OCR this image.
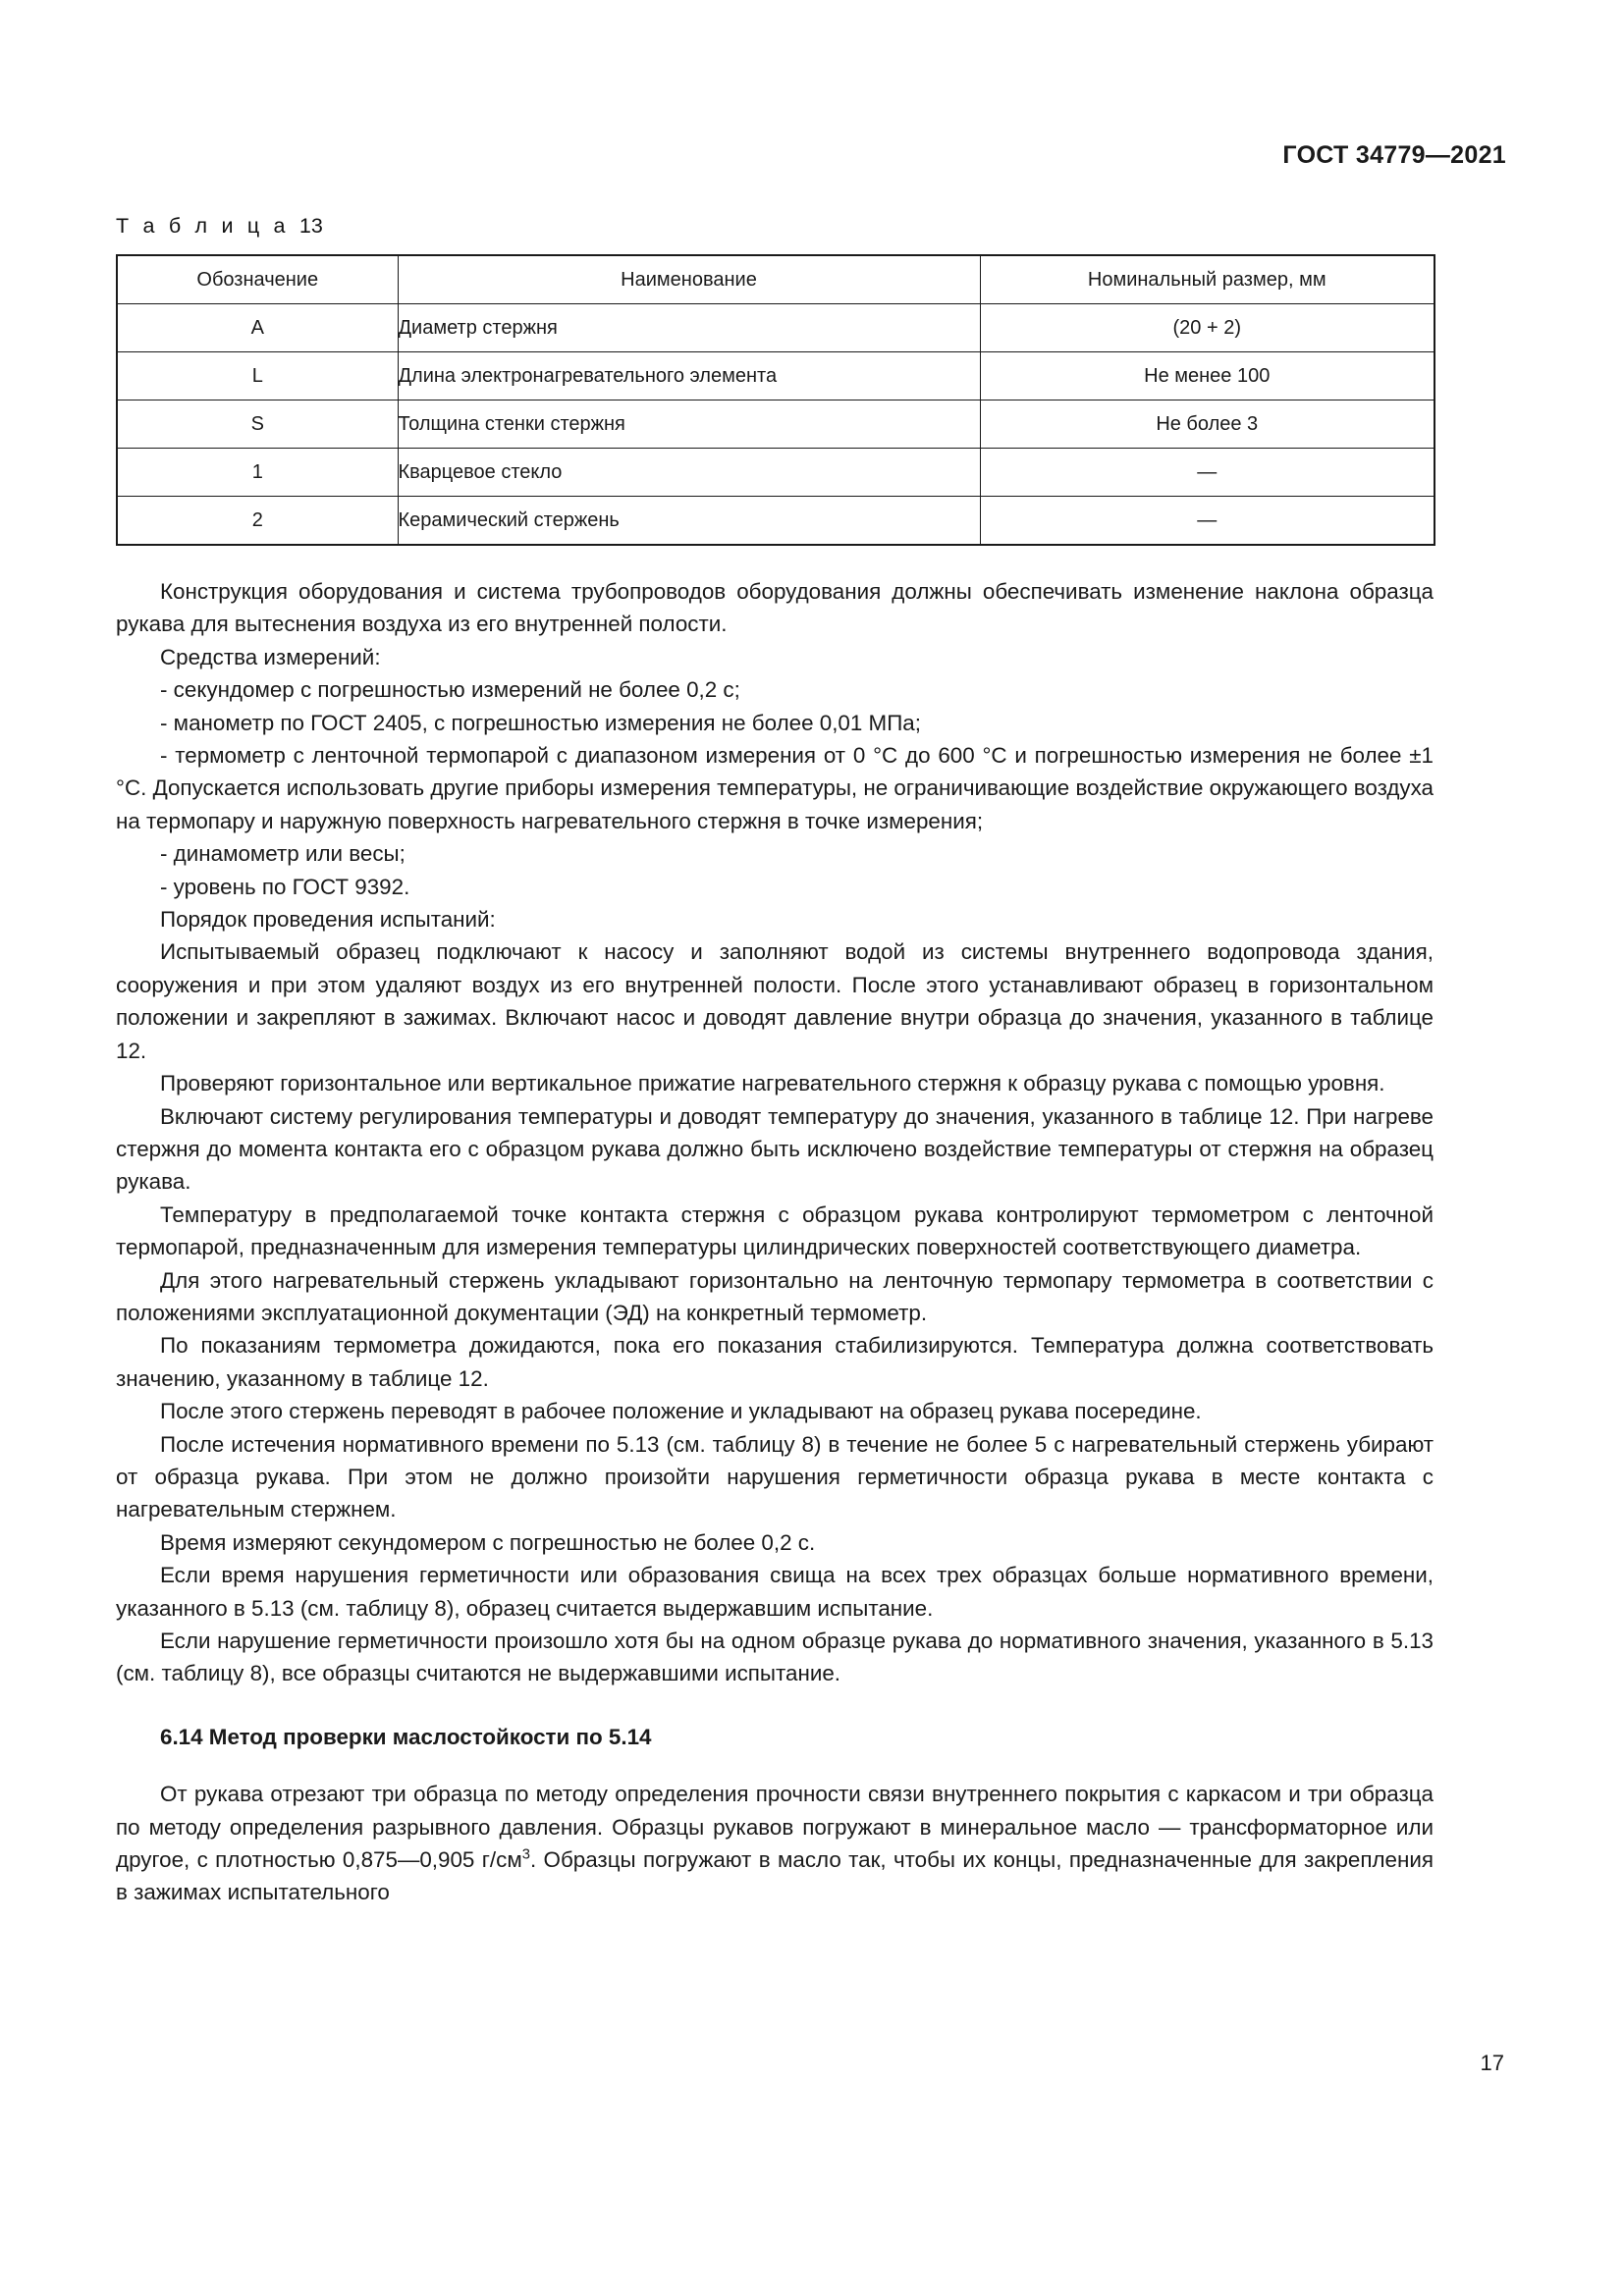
ГОСТ 34779—2021
Т а б л и ц а 13
Обозначение	Наименование	Номинальный размер, мм
A	Диаметр стержня	(20 + 2)
L	Длина электронагревательного элемента	Не менее 100
S	Толщина стенки стержня	Не более 3
1	Кварцевое стекло	—
2	Керамический стержень	—

Конструкция оборудования и система трубопроводов оборудования должны обеспечивать изменение наклона образца рукава для вытеснения воздуха из его внутренней полости.

Средства измерений:

- секундомер с погрешностью измерений не более 0,2 с;

- манометр по ГОСТ 2405, с погрешностью измерения не более 0,01 МПа;

- термометр с ленточной термопарой с диапазоном измерения от 0 °С до 600 °С и погрешностью измерения не более ±1 °С. Допускается использовать другие приборы измерения температуры, не ограничивающие воздействие окружающего воздуха на термопару и наружную поверхность нагревательного стержня в точке измерения;

- динамометр или весы;

- уровень по ГОСТ 9392.

Порядок проведения испытаний:

Испытываемый образец подключают к насосу и заполняют водой из системы внутреннего водопровода здания, сооружения и при этом удаляют воздух из его внутренней полости. После этого устанавливают образец в горизонтальном положении и закрепляют в зажимах. Включают насос и доводят давление внутри образца до значения, указанного в таблице 12.

Проверяют горизонтальное или вертикальное прижатие нагревательного стержня к образцу рукава с помощью уровня.

Включают систему регулирования температуры и доводят температуру до значения, указанного в таблице 12. При нагреве стержня до момента контакта его с образцом рукава должно быть исключено воздействие температуры от стержня на образец рукава.

Температуру в предполагаемой точке контакта стержня с образцом рукава контролируют термометром с ленточной термопарой, предназначенным для измерения температуры цилиндрических поверхностей соответствующего диаметра.

Для этого нагревательный стержень укладывают горизонтально на ленточную термопару термометра в соответствии с положениями эксплуатационной документации (ЭД) на конкретный термометр.

По показаниям термометра дожидаются, пока его показания стабилизируются. Температура должна соответствовать значению, указанному в таблице 12.

После этого стержень переводят в рабочее положение и укладывают на образец рукава посередине.

После истечения нормативного времени по 5.13 (см. таблицу 8) в течение не более 5 с нагревательный стержень убирают от образца рукава. При этом не должно произойти нарушения герметичности образца рукава в месте контакта с нагревательным стержнем.

Время измеряют секундомером с погрешностью не более 0,2 с.

Если время нарушения герметичности или образования свища на всех трех образцах больше нормативного времени, указанного в 5.13 (см. таблицу 8), образец считается выдержавшим испытание.

Если нарушение герметичности произошло хотя бы на одном образце рукава до нормативного значения, указанного в 5.13 (см. таблицу 8), все образцы считаются не выдержавшими испытание.

6.14 Метод проверки маслостойкости по 5.14

От рукава отрезают три образца по методу определения прочности связи внутреннего покрытия с каркасом и три образца по методу определения разрывного давления. Образцы рукавов погружают в минеральное масло — трансформаторное или другое, с плотностью 0,875—0,905 $г/см^3$. Образцы погружают в масло так, чтобы их концы, предназначенные для закрепления в зажимах испытательного

17
